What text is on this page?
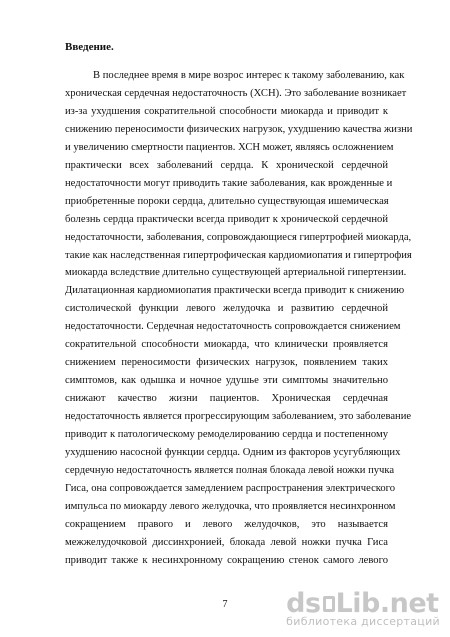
Введение.
В последнее время в мире возрос интерес к такому заболеванию, как
хроническая сердечная недостаточность (ХСН). Это заболевание возникает
из-за ухудшения сократительной способности миокарда и приводит к
снижению переносимости физических нагрузок, ухудшению качества жизни
и увеличению смертности пациентов. ХСН может, являясь осложнением
практически всех заболеваний сердца. К хронической сердечной
недостаточности могут приводить такие заболевания, как врожденные и
приобретенные пороки сердца, длительно существующая ишемическая
болезнь сердца практически всегда приводит к хронической сердечной
недостаточности, заболевания, сопровождающиеся гипертрофией миокарда,
такие как наследственная гипертрофическая кардиомиопатия и гипертрофия
миокарда вследствие длительно существующей артериальной гипертензии.
Дилатационная кардиомиопатия практически всегда приводит к снижению
систолической функции левого желудочка и развитию сердечной
недостаточности. Сердечная недостаточность сопровождается снижением
сократительной способности миокарда, что клинически проявляется
снижением переносимости физических нагрузок, появлением таких
симптомов, как одышка и ночное удушье эти симптомы значительно
снижают качество жизни пациентов. Хроническая сердечная
недостаточность является прогрессирующим заболеванием, это заболевание
приводит к патологическому ремоделированию сердца и постепенному
ухудшению насосной функции сердца. Одним из факторов усугубляющих
сердечную недостаточность является полная блокада левой ножки пучка
Гиса, она сопровождается замедлением распространения электрического
импульса по миокарду левого желудочка, что проявляется несинхронном
сокращением правого и левого желудочков, это называется
межжелудочковой диссинхронией, блокада левой ножки пучка Гиса
приводит также к несинхронному сокращению стенок самого левого
7	ds Lib.net
библиотека диссертаций
